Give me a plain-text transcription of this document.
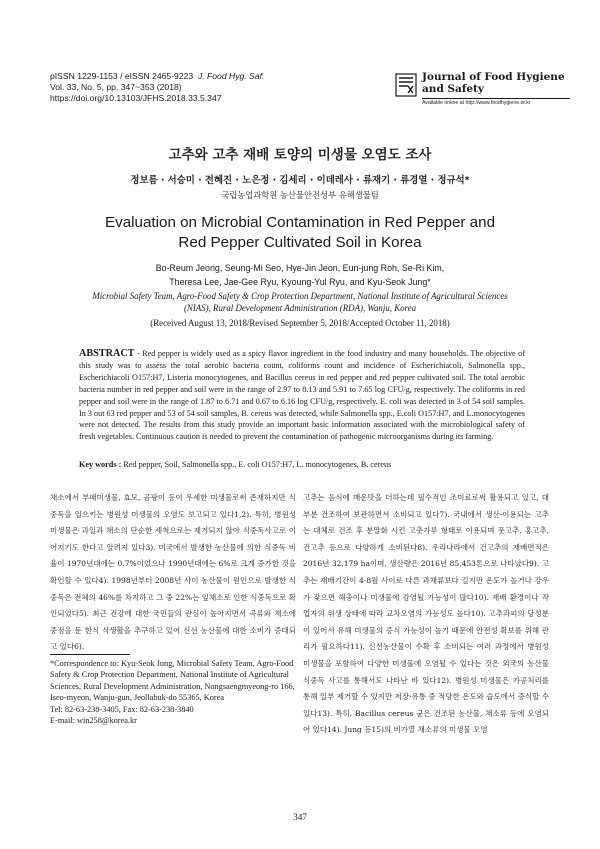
pISSN 1229-1153 / eISSN 2465-9223 J. Food Hyg. Saf.
Vol. 33, No. 5, pp. 347~353 (2018)
https://doi.org/10.13103/JFHS.2018.33.5.347
Journal of Food Hygiene
and Safety
Available online at http://www.foodhygiene.or.kr
고추와 고추 재배 토양의 미생물 오염도 조사
정보름 · 서승미 · 전혜진 · 노은정 · 김세리 · 이데레사 · 류재기 · 류경열 · 정규석*
국립농업과학원 농산물안전성부 유해생물팀
Evaluation on Microbial Contamination in Red Pepper and
Red Pepper Cultivated Soil in Korea
Bo-Reum Jeong, Seung-Mi Seo, Hye-Jin Jeon, Eun-jung Roh, Se-Ri Kim,
Theresa Lee, Jae-Gee Ryu, Kyoung-Yul Ryu, and Kyu-Seok Jung*
Microbial Safety Team, Agro-Food Safety & Crop Protection Department, National Institute of Agricultural Sciences
(NIAS), Rural Development Administration (RDA), Wanju, Korea
(Received August 13, 2018/Revised September 5, 2018/Accepted October 11, 2018)
ABSTRACT - Red pepper is widely used as a spicy flavor ingredient in the food industry and many households. The objective of this study was to assess the total aerobic bacteria count, coliforms count and incidence of Escherichiacoli, Salmonella spp., Escherichiacoli O157:H7, Listeria monocytogenes, and Bacillus cereus in red pepper and red pepper cultivated soil. The total aerobic bacteria number in red pepper and soil were in the range of 2.97 to 8.13 and 5.91 to 7.65 log CFU/g, respectively. The coliforms in red pepper and soil were in the range of 1.87 to 6.71 and 0.67 to 6.16 log CFU/g, respectively. E. coli was detected in 3 of 54 soil samples. In 3 out 63 red pepper and 53 of 54 soil samples, B. cereus was detected, while Salmonella spp., E.coli O157:H7, and L.monocytogenes were not detected. The results from this study provide an important basic information associated with the microbiological safety of fresh vegetables. Continuous caution is needed to prevent the contamination of pathogenic microorganisms during its farming.
Key words : Red pepper, Soil, Salmonella spp., E. coli O157:H7, L. monocytogenes, B. cereus
채소에서 부패미생물, 효모, 곰팡이 등이 우세한 미생물로써 존재하지만 식중독을 일으키는 병원성 미생물의 오염도 보고되고 있다1,2). 특히, 병원성 미생물은 과일과 채소의 단순한 세척으로는 제거되지 않아 식중독사고로 이어지기도 한다고 알려져 있다3). 미국에서 발생한 농산물에 의한 식중독 비율이 1970년대에는 0.7%이었으나 1990년대에는 6%로 크게 증가한 것을 확인할 수 있다4). 1998년부터 2008년 사이 농산물이 원인으로 발생한 식중독은 전체의 46%를 차지하고 그 중 22%는 잎채소로 인한 식중독으로 확인되었다5). 최근 건강에 대한 국민들의 관심이 높아지면서 곡류와 채소에 중점을 둔 한식 식생활을 추구하고 있어 신선 농산물에 대한 소비가 증대되고 있다6).
고추는 음식에 매운맛을 더하는데 필수적인 조미료로써 활용되고 있고, 대부분 건조하여 보관하면서 소비되고 있다7). 국내에서 생산·이용되는 고추는 대체로 건조 후 분말화 시킨 고춧가루 형태로 이용되며 풋고추, 홍고추, 건고추 등으로 다양하게 소비된다8). 우리나라에서 건고추의 재배면적은 2016년 32,179 ha이며, 생산량은 2016년 85,453톤으로 나타났다9). 고추는 재배기간이 4-8월 사이로 다른 과채류보다 길지만 온도가 높거나 강우가 잦으면 해충이나 미생물에 감염될 가능성이 많다10). 재배 환경이나 작업자의 위생 상태에 따라 교차오염의 가능성도 높다10). 고추과피의 당성분이 있어서 유해 미생물의 증식 가능성이 높기 때문에 안전성 확보를 위해 관리가 필요하다11). 신선농산물이 수확 후 소비되는 여러 과정에서 병원성 미생물을 포함하여 다양한 미생물에 오염될 수 있다는 것은 외국의 농산물 식중독 사고를 통해서도 나타난 바 있다12). 병원성 미생물은 가공처리를 통해 일부 제거할 수 있지만 저장·유통 중 적당한 온도와 습도에서 증식할 수 있다13). 특히, Bacillus cereus 균은 건조된 농산물, 채소류 등에 오염되어 있다14). Jung 등15)의 비가열 채소류의 미생물 오염
*Correspondence to: Kyu-Seok Jung, Microbial Safety Team, Agro-Food Safety & Crop Protection Department, National Institute of Agricultural Sciences, Rural Development Administration, Nongsaengmyeong-ro 166, Iseo-myeon, Wanju-gun, Jeollabuk-do 55365, Korea
Tel: 82-63-238-3405, Fax: 82-63-238-3840
E-mail: win258@korea.kr
347
